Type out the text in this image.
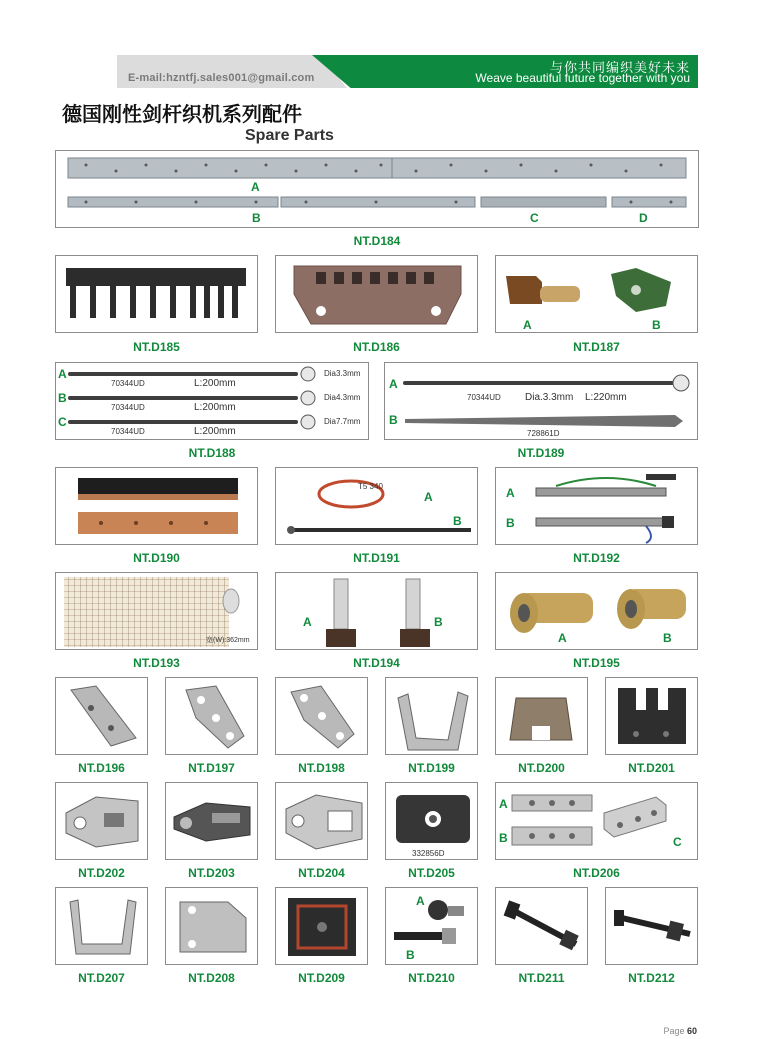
E-mail:hzntfj.sales001@gmail.com
与你共同编织美好未来
Weave beautiful future together with you
德国刚性剑杆织机系列配件
Spare Parts
A
B	C	D
NT.D184
NT.D185	NT.D186
A	B
NT.D187
A
B
C
70344UD
70344UD
70344UD
L:200mm
L:200mm
L:200mm
Dia3.3mm
Dia4.3mm
Dia7.7mm
NT.D188
A
B
70344UD Dia.3.3mm L:220mm
728861D
NT.D189
NT.D190
T5 340
A
B
NT.D191
A
B
NT.D192
宽(W):362mm
NT.D193
A	B
NT.D194
A	B
NT.D195
NT.D196	NT.D197	NT.D198	NT.D199	NT.D200	NT.D201
NT.D202	NT.D203	NT.D204
332856D
NT.D205
A
B	C
NT.D206
NT.D207	NT.D208	NT.D209
A
B
NT.D210	NT.D211	NT.D212
Page 60
